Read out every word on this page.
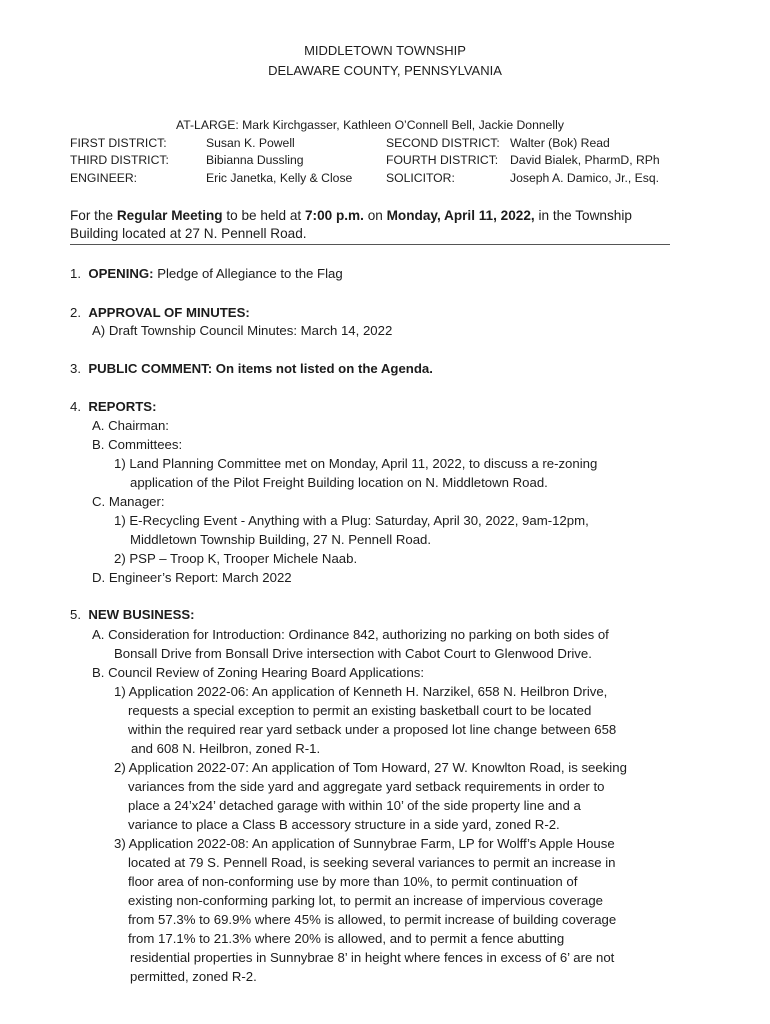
MIDDLETOWN TOWNSHIP
DELAWARE COUNTY, PENNSYLVANIA
AT-LARGE: Mark Kirchgasser, Kathleen O’Connell Bell, Jackie Donnelly
FIRST DISTRICT:	Susan K. Powell	SECOND DISTRICT: Walter (Bok) Read
THIRD DISTRICT:	Bibianna Dussling	FOURTH DISTRICT: David Bialek, PharmD, RPh
ENGINEER:	Eric Janetka, Kelly & Close	SOLICITOR:	Joseph A. Damico, Jr., Esq.
For the Regular Meeting to be held at 7:00 p.m. on Monday, April 11, 2022, in the Township
Building located at 27 N. Pennell Road.
1. OPENING: Pledge of Allegiance to the Flag
2. APPROVAL OF MINUTES:
A) Draft Township Council Minutes: March 14, 2022
3. PUBLIC COMMENT: On items not listed on the Agenda.
4. REPORTS:
A. Chairman:
B. Committees:
1) Land Planning Committee met on Monday, April 11, 2022, to discuss a re-zoning
application of the Pilot Freight Building location on N. Middletown Road.
C. Manager:
1) E-Recycling Event - Anything with a Plug: Saturday, April 30, 2022, 9am-12pm,
Middletown Township Building, 27 N. Pennell Road.
2) PSP – Troop K, Trooper Michele Naab.
D. Engineer’s Report: March 2022
5. NEW BUSINESS:
A. Consideration for Introduction: Ordinance 842, authorizing no parking on both sides of
Bonsall Drive from Bonsall Drive intersection with Cabot Court to Glenwood Drive.
B. Council Review of Zoning Hearing Board Applications:
1) Application 2022-06: An application of Kenneth H. Narzikel, 658 N. Heilbron Drive,
requests a special exception to permit an existing basketball court to be located
within the required rear yard setback under a proposed lot line change between 658
and 608 N. Heilbron, zoned R-1.
2) Application 2022-07: An application of Tom Howard, 27 W. Knowlton Road, is seeking
variances from the side yard and aggregate yard setback requirements in order to
place a 24’x24’ detached garage with within 10’ of the side property line and a
variance to place a Class B accessory structure in a side yard, zoned R-2.
3) Application 2022-08: An application of Sunnybrae Farm, LP for Wolff’s Apple House
located at 79 S. Pennell Road, is seeking several variances to permit an increase in
floor area of non-conforming use by more than 10%, to permit continuation of
existing non-conforming parking lot, to permit an increase of impervious coverage
from 57.3% to 69.9% where 45% is allowed, to permit increase of building coverage
from 17.1% to 21.3% where 20% is allowed, and to permit a fence abutting
residential properties in Sunnybrae 8’ in height where fences in excess of 6’ are not
permitted, zoned R-2.
